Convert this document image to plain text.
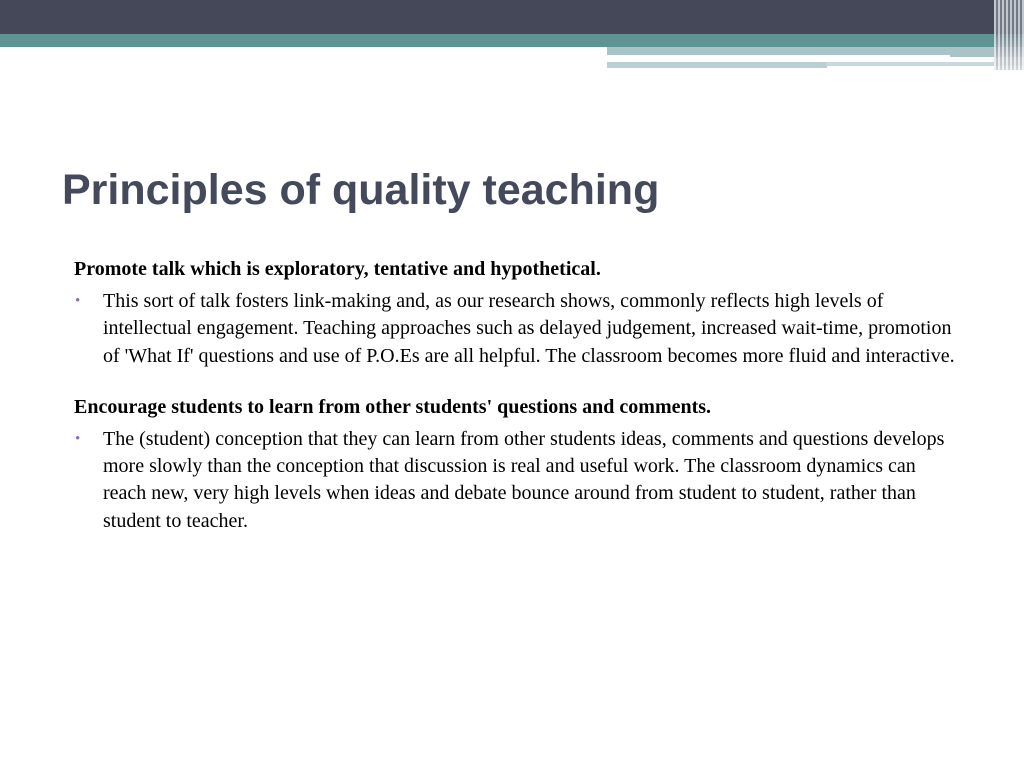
Principles of quality teaching

Promote talk which is exploratory, tentative and hypothetical.

• This sort of talk fosters link-making and, as our research shows, commonly reflects high levels of intellectual engagement. Teaching approaches such as delayed judgement, increased wait-time, promotion of 'What If' questions and use of P.O.Es are all helpful. The classroom becomes more fluid and interactive.

Encourage students to learn from other students' questions and comments.

• The (student) conception that they can learn from other students ideas, comments and questions develops more slowly than the conception that discussion is real and useful work. The classroom dynamics can reach new, very high levels when ideas and debate bounce around from student to student, rather than student to teacher.
